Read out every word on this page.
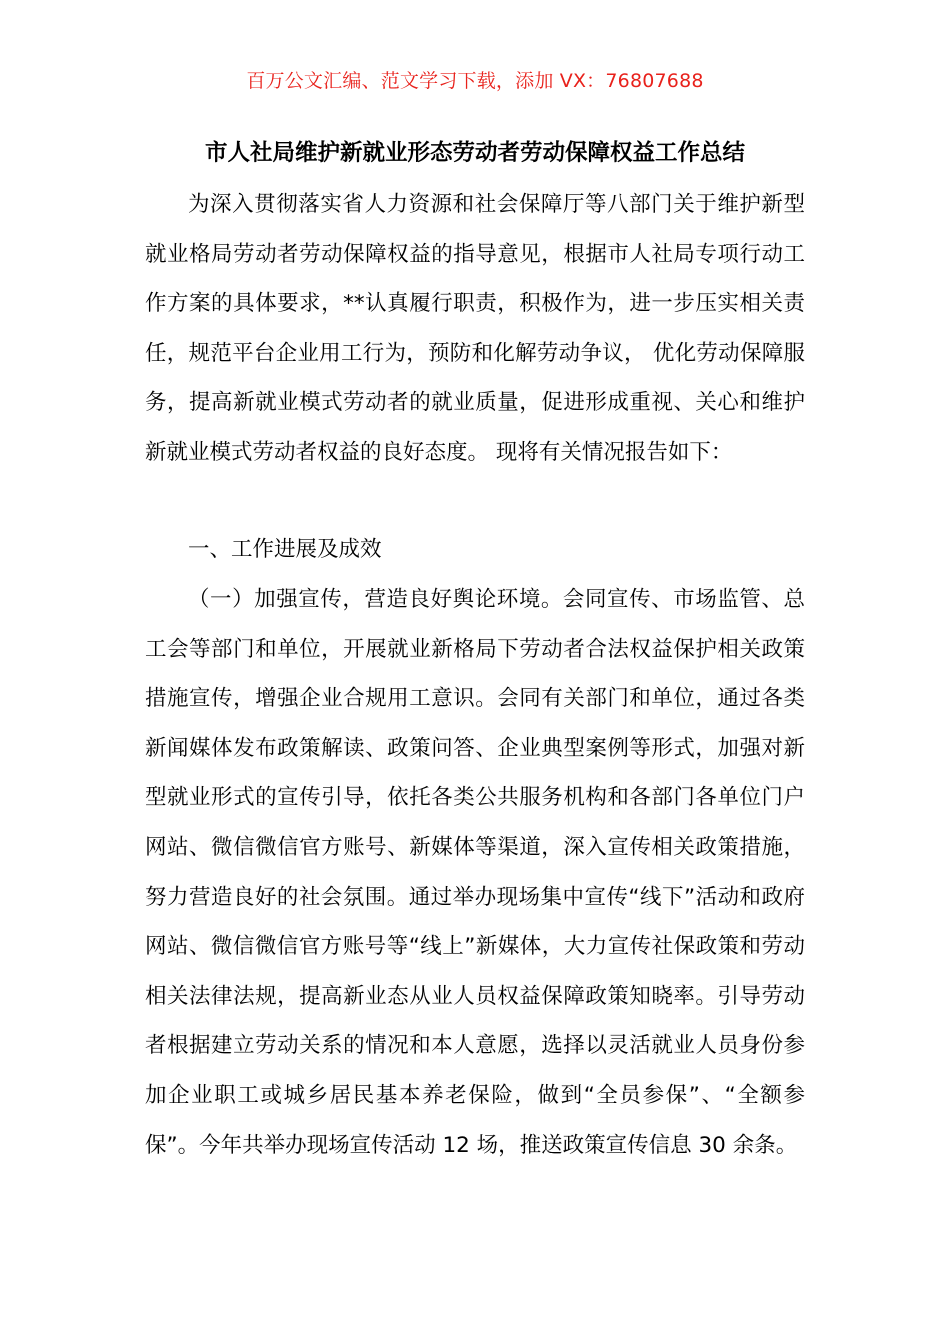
百万公文汇编、范文学习下载，添加 VX：76807688
市人社局维护新就业形态劳动者劳动保障权益工作总结

为深入贯彻落实省人力资源和社会保障厅等八部门关于维护新型就业格局劳动者劳动保障权益的指导意见，根据市人社局专项行动工作方案的具体要求，**认真履行职责，积极作为，进一步压实相关责任，规范平台企业用工行为，预防和化解劳动争议， 优化劳动保障服务，提高新就业模式劳动者的就业质量，促进形成重视、关心和维护新就业模式劳动者权益的良好态度。 现将有关情况报告如下：

一、工作进展及成效

（一）加强宣传，营造良好舆论环境。会同宣传、市场监管、总工会等部门和单位，开展就业新格局下劳动者合法权益保护相关政策措施宣传，增强企业合规用工意识。会同有关部门和单位，通过各类新闻媒体发布政策解读、政策问答、企业典型案例等形式，加强对新型就业形式的宣传引导，依托各类公共服务机构和各部门各单位门户网站、微信微信官方账号、新媒体等渠道，深入宣传相关政策措施，努力营造良好的社会氛围。通过举办现场集中宣传“线下”活动和政府网站、微信微信官方账号等“线上”新媒体，大力宣传社保政策和劳动相关法律法规，提高新业态从业人员权益保障政策知晓率。引导劳动者根据建立劳动关系的情况和本人意愿，选择以灵活就业人员身份参加企业职工或城乡居民基本养老保险，做到“全员参保”、“全额参保”。今年共举办现场宣传活动 12 场，推送政策宣传信息 30 余条。
